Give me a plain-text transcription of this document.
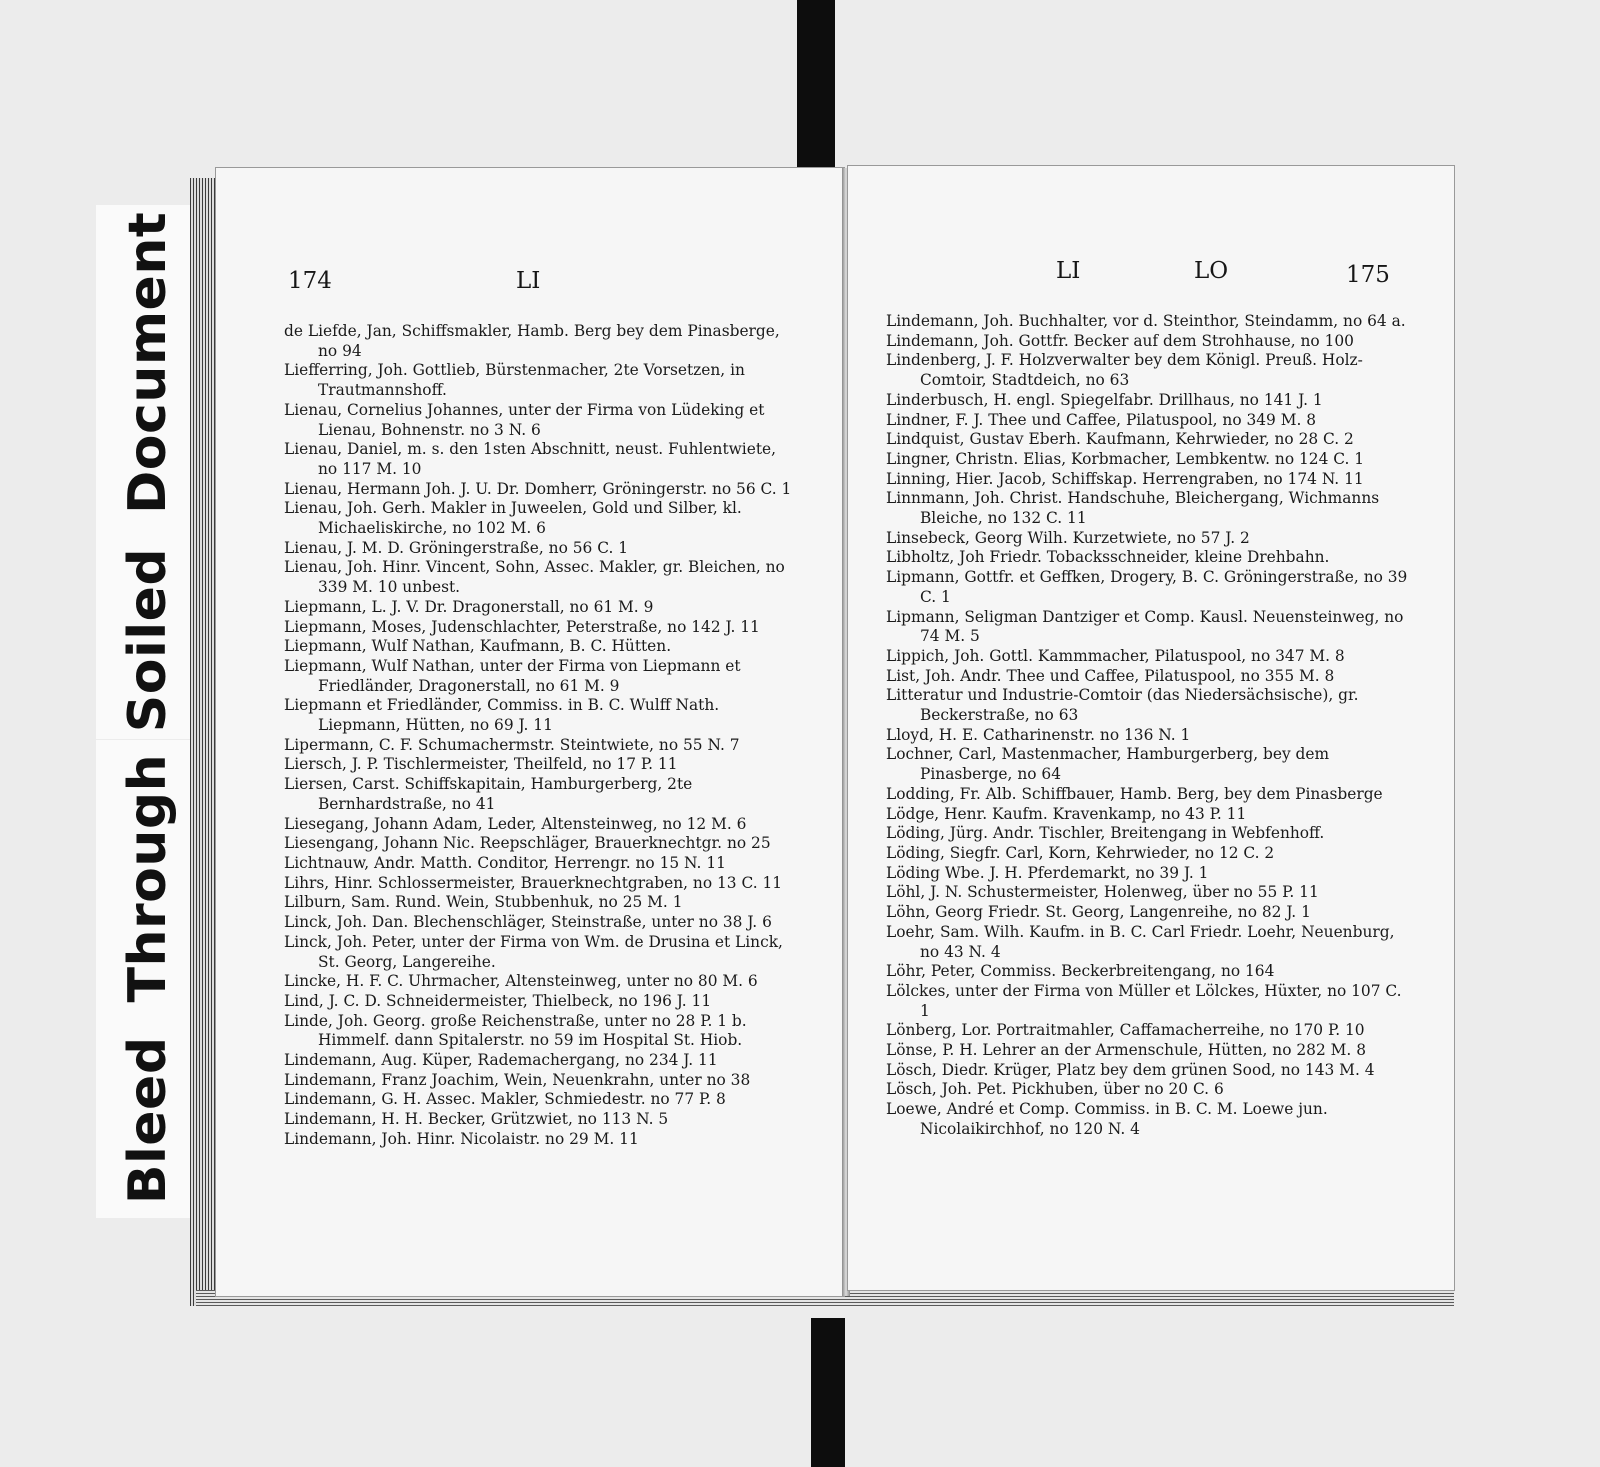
SoiledDocument
BleedThrough
174	LI
de Liefde, Jan, Schiffsmakler, Hamb. Berg bey dem Pinasberge, no 94
Liefferring, Joh. Gottlieb, Bürstenmacher, 2te Vorsetzen, in Trautmannshoff.
Lienau, Cornelius Johannes, unter der Firma von Lüdeking et Lienau, Bohnenstr. no 3 N. 6
Lienau, Daniel, m. s. den 1sten Abschnitt, neust. Fuhlentwiete, no 117 M. 10
Lienau, Hermann Joh. J. U. Dr. Domherr, Gröningerstr. no 56 C. 1
Lienau, Joh. Gerh. Makler in Juweelen, Gold und Silber, kl. Michaeliskirche, no 102 M. 6
Lienau, J. M. D. Gröningerstraße, no 56 C. 1
Lienau, Joh. Hinr. Vincent, Sohn, Assec. Makler, gr. Bleichen, no 339 M. 10 unbest.
Liepmann, L. J. V. Dr. Dragonerstall, no 61 M. 9
Liepmann, Moses, Judenschlachter, Peterstraße, no 142 J. 11
Liepmann, Wulf Nathan, Kaufmann, B. C. Hütten.
Liepmann, Wulf Nathan, unter der Firma von Liepmann et Friedländer, Dragonerstall, no 61 M. 9
Liepmann et Friedländer, Commiss. in B. C. Wulff Nath. Liepmann, Hütten, no 69 J. 11
Lipermann, C. F. Schumachermstr. Steintwiete, no 55 N. 7
Liersch, J. P. Tischlermeister, Theilfeld, no 17 P. 11
Liersen, Carst. Schiffskapitain, Hamburgerberg, 2te Bernhardstraße, no 41
Liesegang, Johann Adam, Leder, Altensteinweg, no 12 M. 6
Liesengang, Johann Nic. Reepschläger, Brauerknechtgr. no 25
Lichtnauw, Andr. Matth. Conditor, Herrengr. no 15 N. 11
Lihrs, Hinr. Schlossermeister, Brauerknechtgraben, no 13 C. 11
Lilburn, Sam. Rund. Wein, Stubbenhuk, no 25 M. 1
Linck, Joh. Dan. Blechenschläger, Steinstraße, unter no 38 J. 6
Linck, Joh. Peter, unter der Firma von Wm. de Drusina et Linck, St. Georg, Langereihe.
Lincke, H. F. C. Uhrmacher, Altensteinweg, unter no 80 M. 6
Lind, J. C. D. Schneidermeister, Thielbeck, no 196 J. 11
Linde, Joh. Georg. große Reichenstraße, unter no 28 P. 1 b. Himmelf. dann Spitalerstr. no 59 im Hospital St. Hiob.
Lindemann, Aug. Küper, Rademachergang, no 234 J. 11
Lindemann, Franz Joachim, Wein, Neuenkrahn, unter no 38
Lindemann, G. H. Assec. Makler, Schmiedestr. no 77 P. 8
Lindemann, H. H. Becker, Grützwiet, no 113 N. 5
Lindemann, Joh. Hinr. Nicolaistr. no 29 M. 11
LI	LO	175
Lindemann, Joh. Buchhalter, vor d. Steinthor, Steindamm, no 64 a.
Lindemann, Joh. Gottfr. Becker auf dem Strohhause, no 100
Lindenberg, J. F. Holzverwalter bey dem Königl. Preuß. Holz-Comtoir, Stadtdeich, no 63
Linderbusch, H. engl. Spiegelfabr. Drillhaus, no 141 J. 1
Lindner, F. J. Thee und Caffee, Pilatuspool, no 349 M. 8
Lindquist, Gustav Eberh. Kaufmann, Kehrwieder, no 28 C. 2
Lingner, Christn. Elias, Korbmacher, Lembkentw. no 124 C. 1
Linning, Hier. Jacob, Schiffskap. Herrengraben, no 174 N. 11
Linnmann, Joh. Christ. Handschuhe, Bleichergang, Wichmanns Bleiche, no 132 C. 11
Linsebeck, Georg Wilh. Kurzetwiete, no 57 J. 2
Libholtz, Joh Friedr. Tobacksschneider, kleine Drehbahn.
Lipmann, Gottfr. et Geffken, Drogery, B. C. Gröningerstraße, no 39 C. 1
Lipmann, Seligman Dantziger et Comp. Kausl. Neuensteinweg, no 74 M. 5
Lippich, Joh. Gottl. Kammmacher, Pilatuspool, no 347 M. 8
List, Joh. Andr. Thee und Caffee, Pilatuspool, no 355 M. 8
Litteratur und Industrie-Comtoir (das Niedersächsische), gr. Beckerstraße, no 63
Lloyd, H. E. Catharinenstr. no 136 N. 1
Lochner, Carl, Mastenmacher, Hamburgerberg, bey dem Pinasberge, no 64
Lodding, Fr. Alb. Schiffbauer, Hamb. Berg, bey dem Pinasberge
Lödge, Henr. Kaufm. Kravenkamp, no 43 P. 11
Löding, Jürg. Andr. Tischler, Breitengang in Webfenhoff.
Löding, Siegfr. Carl, Korn, Kehrwieder, no 12 C. 2
Löding Wbe. J. H. Pferdemarkt, no 39 J. 1
Löhl, J. N. Schustermeister, Holenweg, über no 55 P. 11
Löhn, Georg Friedr. St. Georg, Langenreihe, no 82 J. 1
Loehr, Sam. Wilh. Kaufm. in B. C. Carl Friedr. Loehr, Neuenburg, no 43 N. 4
Löhr, Peter, Commiss. Beckerbreitengang, no 164
Lölckes, unter der Firma von Müller et Lölckes, Hüxter, no 107 C. 1
Lönberg, Lor. Portraitmahler, Caffamacherreihe, no 170 P. 10
Lönse, P. H. Lehrer an der Armenschule, Hütten, no 282 M. 8
Lösch, Diedr. Krüger, Platz bey dem grünen Sood, no 143 M. 4
Lösch, Joh. Pet. Pickhuben, über no 20 C. 6
Loewe, André et Comp. Commiss. in B. C. M. Loewe jun. Nicolaikirchhof, no 120 N. 4
